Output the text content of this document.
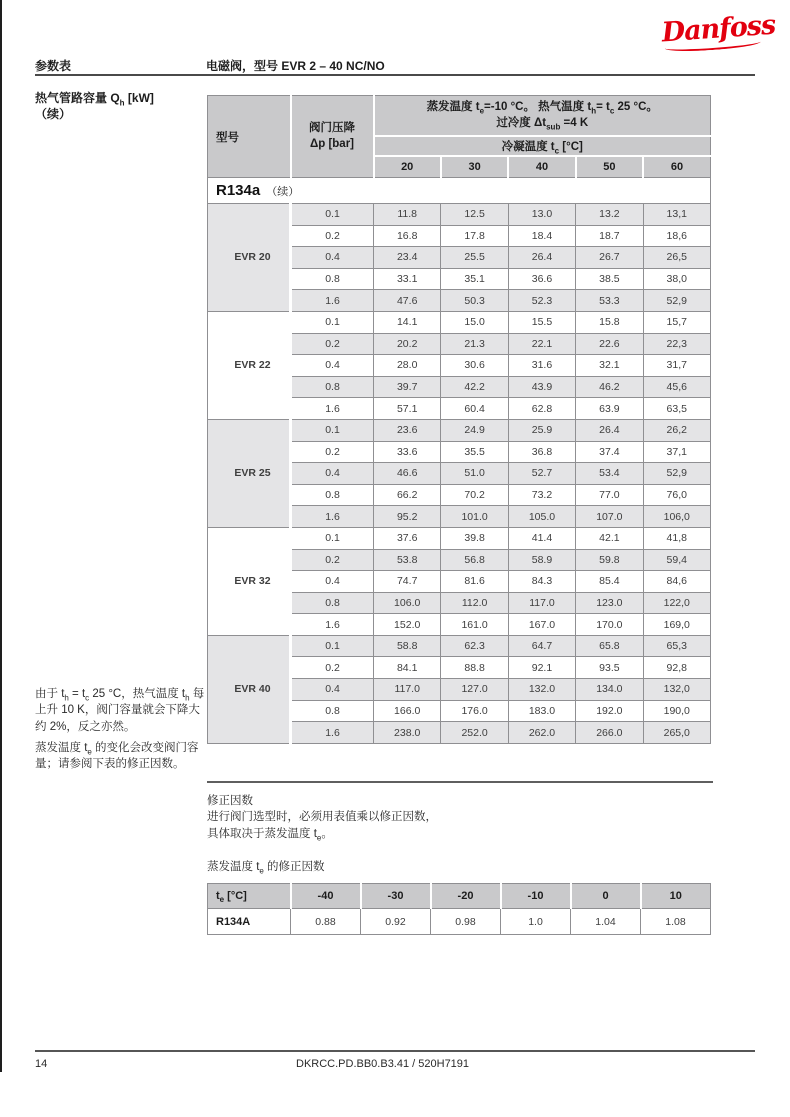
参数表	电磁阀，型号 EVR 2 – 40 NC/NO
Danfoss
热气管路容量 $Q_h$ [kW]
（续）

由于 $t_h = t_c$ 25 °C，热气温度 $t_h$ 每上升 10 K，阀门容量就会下降大约 2%，反之亦然。

蒸发温度 $t_e$ 的变化会改变阀门容量；请参阅下表的修正因数。

型号	
阀门压降
Δp [bar]

蒸发温度 $t_e=-10$ °C。 热气温度 $t_h= t_c$ 25 °C。
过冷度 $\Delta t_{sub} =4$ K

		冷凝温度 $t_c$ [°C]				
		20	30	40	50	60
R134a （续）						
EVR 20	0.1	11.8	12.5	13.0	13.2	13,1
	0.2	16.8	17.8	18.4	18.7	18,6
	0.4	23.4	25.5	26.4	26.7	26,5
	0.8	33.1	35.1	36.6	38.5	38,0
	1.6	47.6	50.3	52.3	53.3	52,9
EVR 22	0.1	14.1	15.0	15.5	15.8	15,7
	0.2	20.2	21.3	22.1	22.6	22,3
	0.4	28.0	30.6	31.6	32.1	31,7
	0.8	39.7	42.2	43.9	46.2	45,6
	1.6	57.1	60.4	62.8	63.9	63,5
EVR 25	0.1	23.6	24.9	25.9	26.4	26,2
	0.2	33.6	35.5	36.8	37.4	37,1
	0.4	46.6	51.0	52.7	53.4	52,9
	0.8	66.2	70.2	73.2	77.0	76,0
	1.6	95.2	101.0	105.0	107.0	106,0
EVR 32	0.1	37.6	39.8	41.4	42.1	41,8
	0.2	53.8	56.8	58.9	59.8	59,4
	0.4	74.7	81.6	84.3	85.4	84,6
	0.8	106.0	112.0	117.0	123.0	122,0
	1.6	152.0	161.0	167.0	170.0	169,0
EVR 40	0.1	58.8	62.3	64.7	65.8	65,3
	0.2	84.1	88.8	92.1	93.5	92,8
	0.4	117.0	127.0	132.0	134.0	132,0
	0.8	166.0	176.0	183.0	192.0	190,0
	1.6	238.0	252.0	262.0	266.0	265,0
修正因数
进行阀门选型时，必须用表值乘以修正因数，
具体取决于蒸发温度 $t_e$。
蒸发温度 $t_e$ 的修正因数
$t_e$ [°C]	-40	-30	-20	-10	0	10
R134A	0.88	0.92	0.98	1.0	1.04	1.08
14	DKRCC.PD.BB0.B3.41 / 520H7191
